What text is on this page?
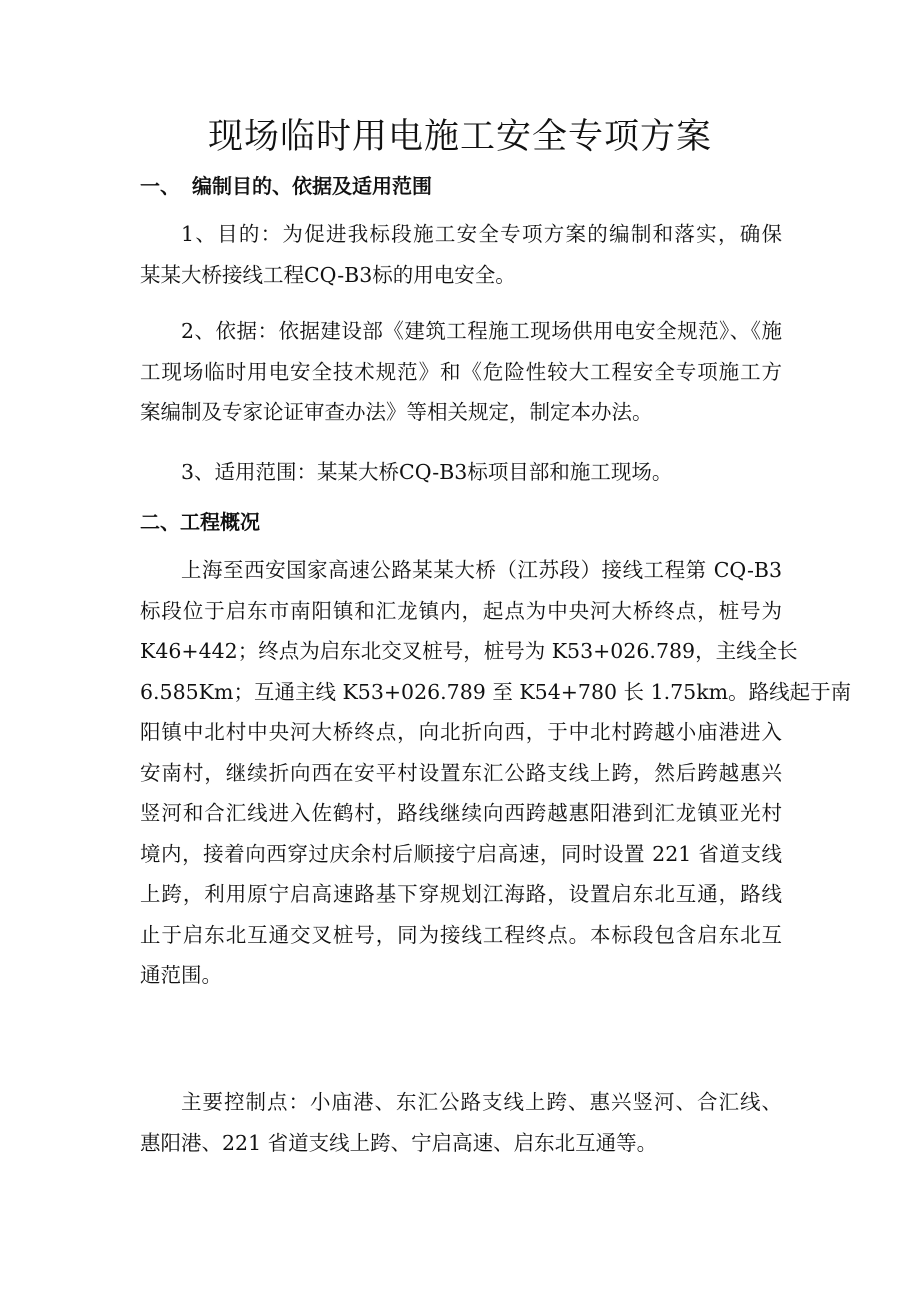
现场临时用电施工安全专项方案
一、 编制目的、依据及适用范围
1、目的：为促进我标段施工安全专项方案的编制和落实，确保
某某大桥接线工程CQ-B3标的用电安全。
2、依据：依据建设部《建筑工程施工现场供用电安全规范》、《施
工现场临时用电安全技术规范》和《危险性较大工程安全专项施工方
案编制及专家论证审查办法》等相关规定，制定本办法。
3、适用范围：某某大桥CQ-B3标项目部和施工现场。
二、工程概况
上海至西安国家高速公路某某大桥（江苏段）接线工程第 CQ-B3
标段位于启东市南阳镇和汇龙镇内，起点为中央河大桥终点，桩号为
K46+442；终点为启东北交叉桩号，桩号为 K53+026.789，主线全长
6.585Km；互通主线 K53+026.789 至 K54+780 长 1.75km。路线起于南
阳镇中北村中央河大桥终点，向北折向西，于中北村跨越小庙港进入
安南村，继续折向西在安平村设置东汇公路支线上跨，然后跨越惠兴
竖河和合汇线进入佐鹤村，路线继续向西跨越惠阳港到汇龙镇亚光村
境内，接着向西穿过庆余村后顺接宁启高速，同时设置 221 省道支线
上跨，利用原宁启高速路基下穿规划江海路，设置启东北互通，路线
止于启东北互通交叉桩号，同为接线工程终点。本标段包含启东北互
通范围。
主要控制点：小庙港、东汇公路支线上跨、惠兴竖河、合汇线、
惠阳港、221 省道支线上跨、宁启高速、启东北互通等。
